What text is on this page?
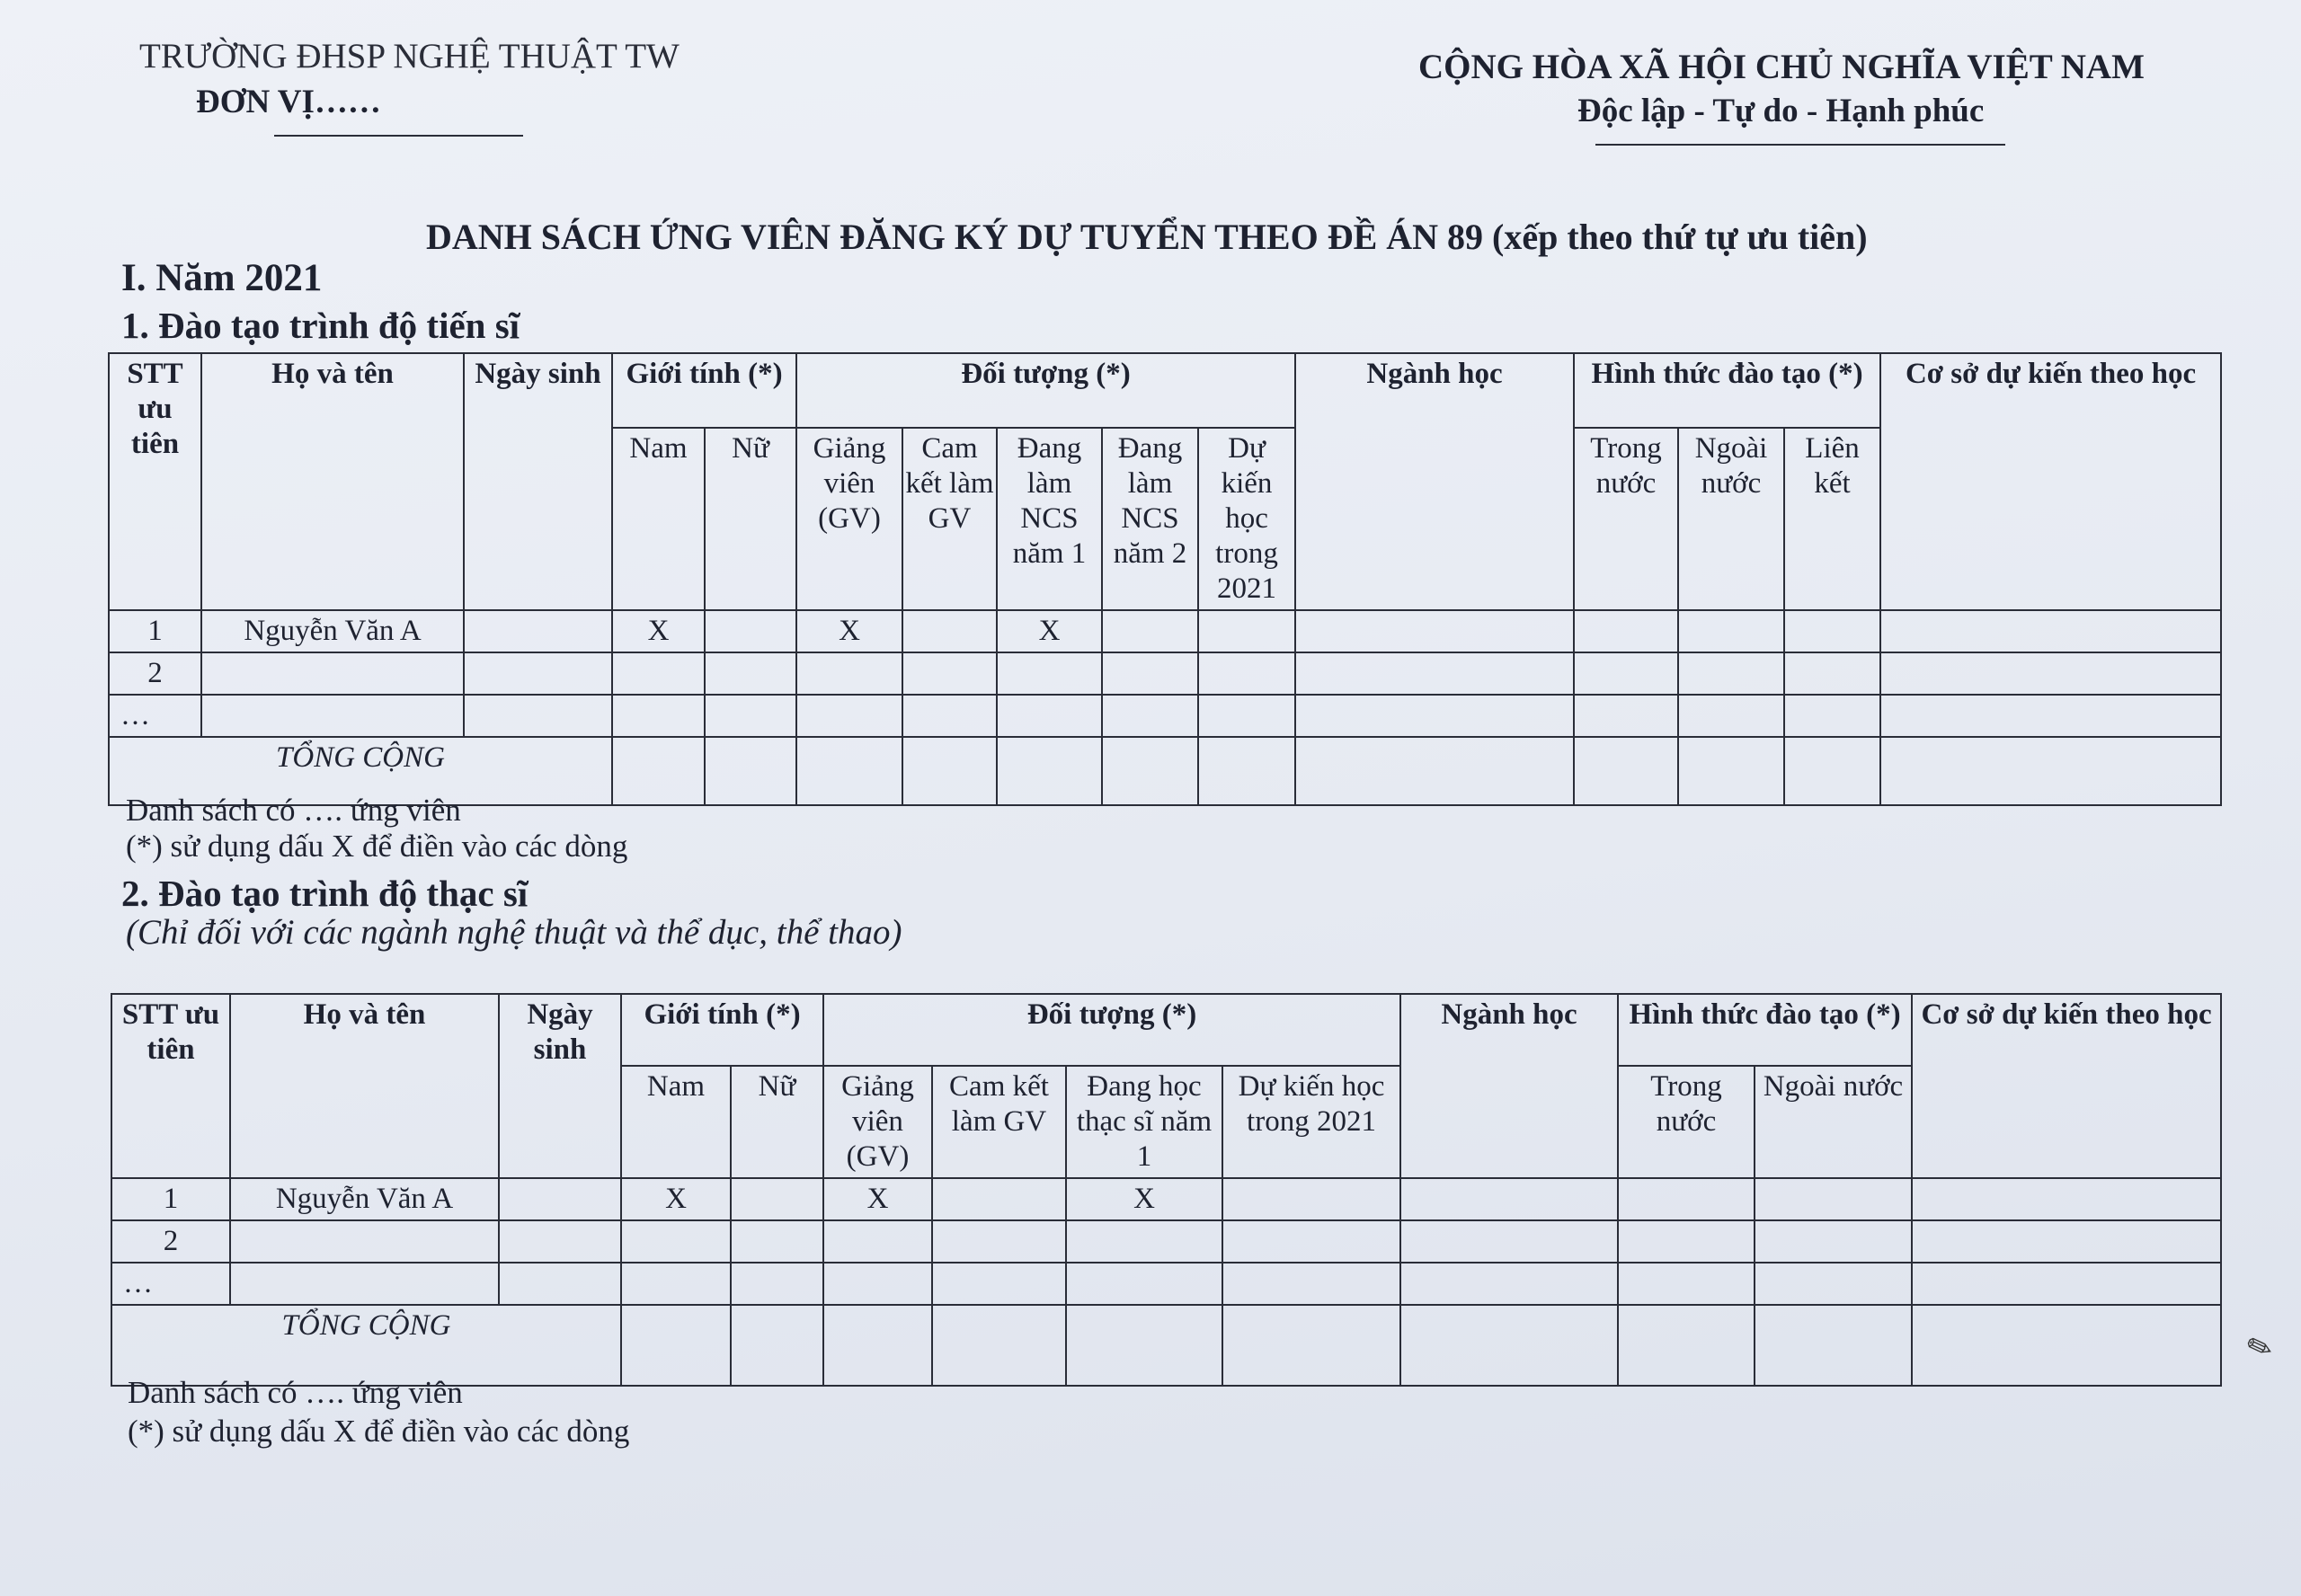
TRƯỜNG ĐHSP NGHỆ THUẬT TW
ĐƠN VỊ……
CỘNG HÒA XÃ HỘI CHỦ NGHĨA VIỆT NAM
Độc lập - Tự do - Hạnh phúc
DANH SÁCH ỨNG VIÊN ĐĂNG KÝ DỰ TUYỂN THEO ĐỀ ÁN 89 (xếp theo thứ tự ưu tiên)
I. Năm 2021
1. Đào tạo trình độ tiến sĩ
STT ưu tiên	Họ và tên	Ngày sinh	Giới tính (*)		Đối tượng (*)					Ngành học	Hình thức đào tạo (*)			Cơ sở dự kiến theo học
			Nam	Nữ	Giảng viên (GV)	Cam kết làm GV	Đang làm NCS năm 1	Đang làm NCS năm 2	Dự kiến học trong 2021		Trong nước	Ngoài nước	Liên kết	
1	Nguyễn Văn A		X		X		X							
2														
…														
TỔNG CỘNG														
Danh sách có …. ứng viên
(*) sử dụng dấu X để điền vào các dòng
2. Đào tạo trình độ thạc sĩ
(Chỉ đối với các ngành nghệ thuật và thể dục, thể thao)
STT ưu tiên	Họ và tên	Ngày sinh	Giới tính (*)		Đối tượng (*)				Ngành học	Hình thức đào tạo (*)		Cơ sở dự kiến theo học
			Nam	Nữ	Giảng viên (GV)	Cam kết làm GV	Đang học thạc sĩ năm 1	Dự kiến học trong 2021		Trong nước	Ngoài nước	
1	Nguyễn Văn A		X		X		X					
2												
…												
TỔNG CỘNG												
Danh sách có …. ứng viên
(*) sử dụng dấu X để điền vào các dòng
✎
